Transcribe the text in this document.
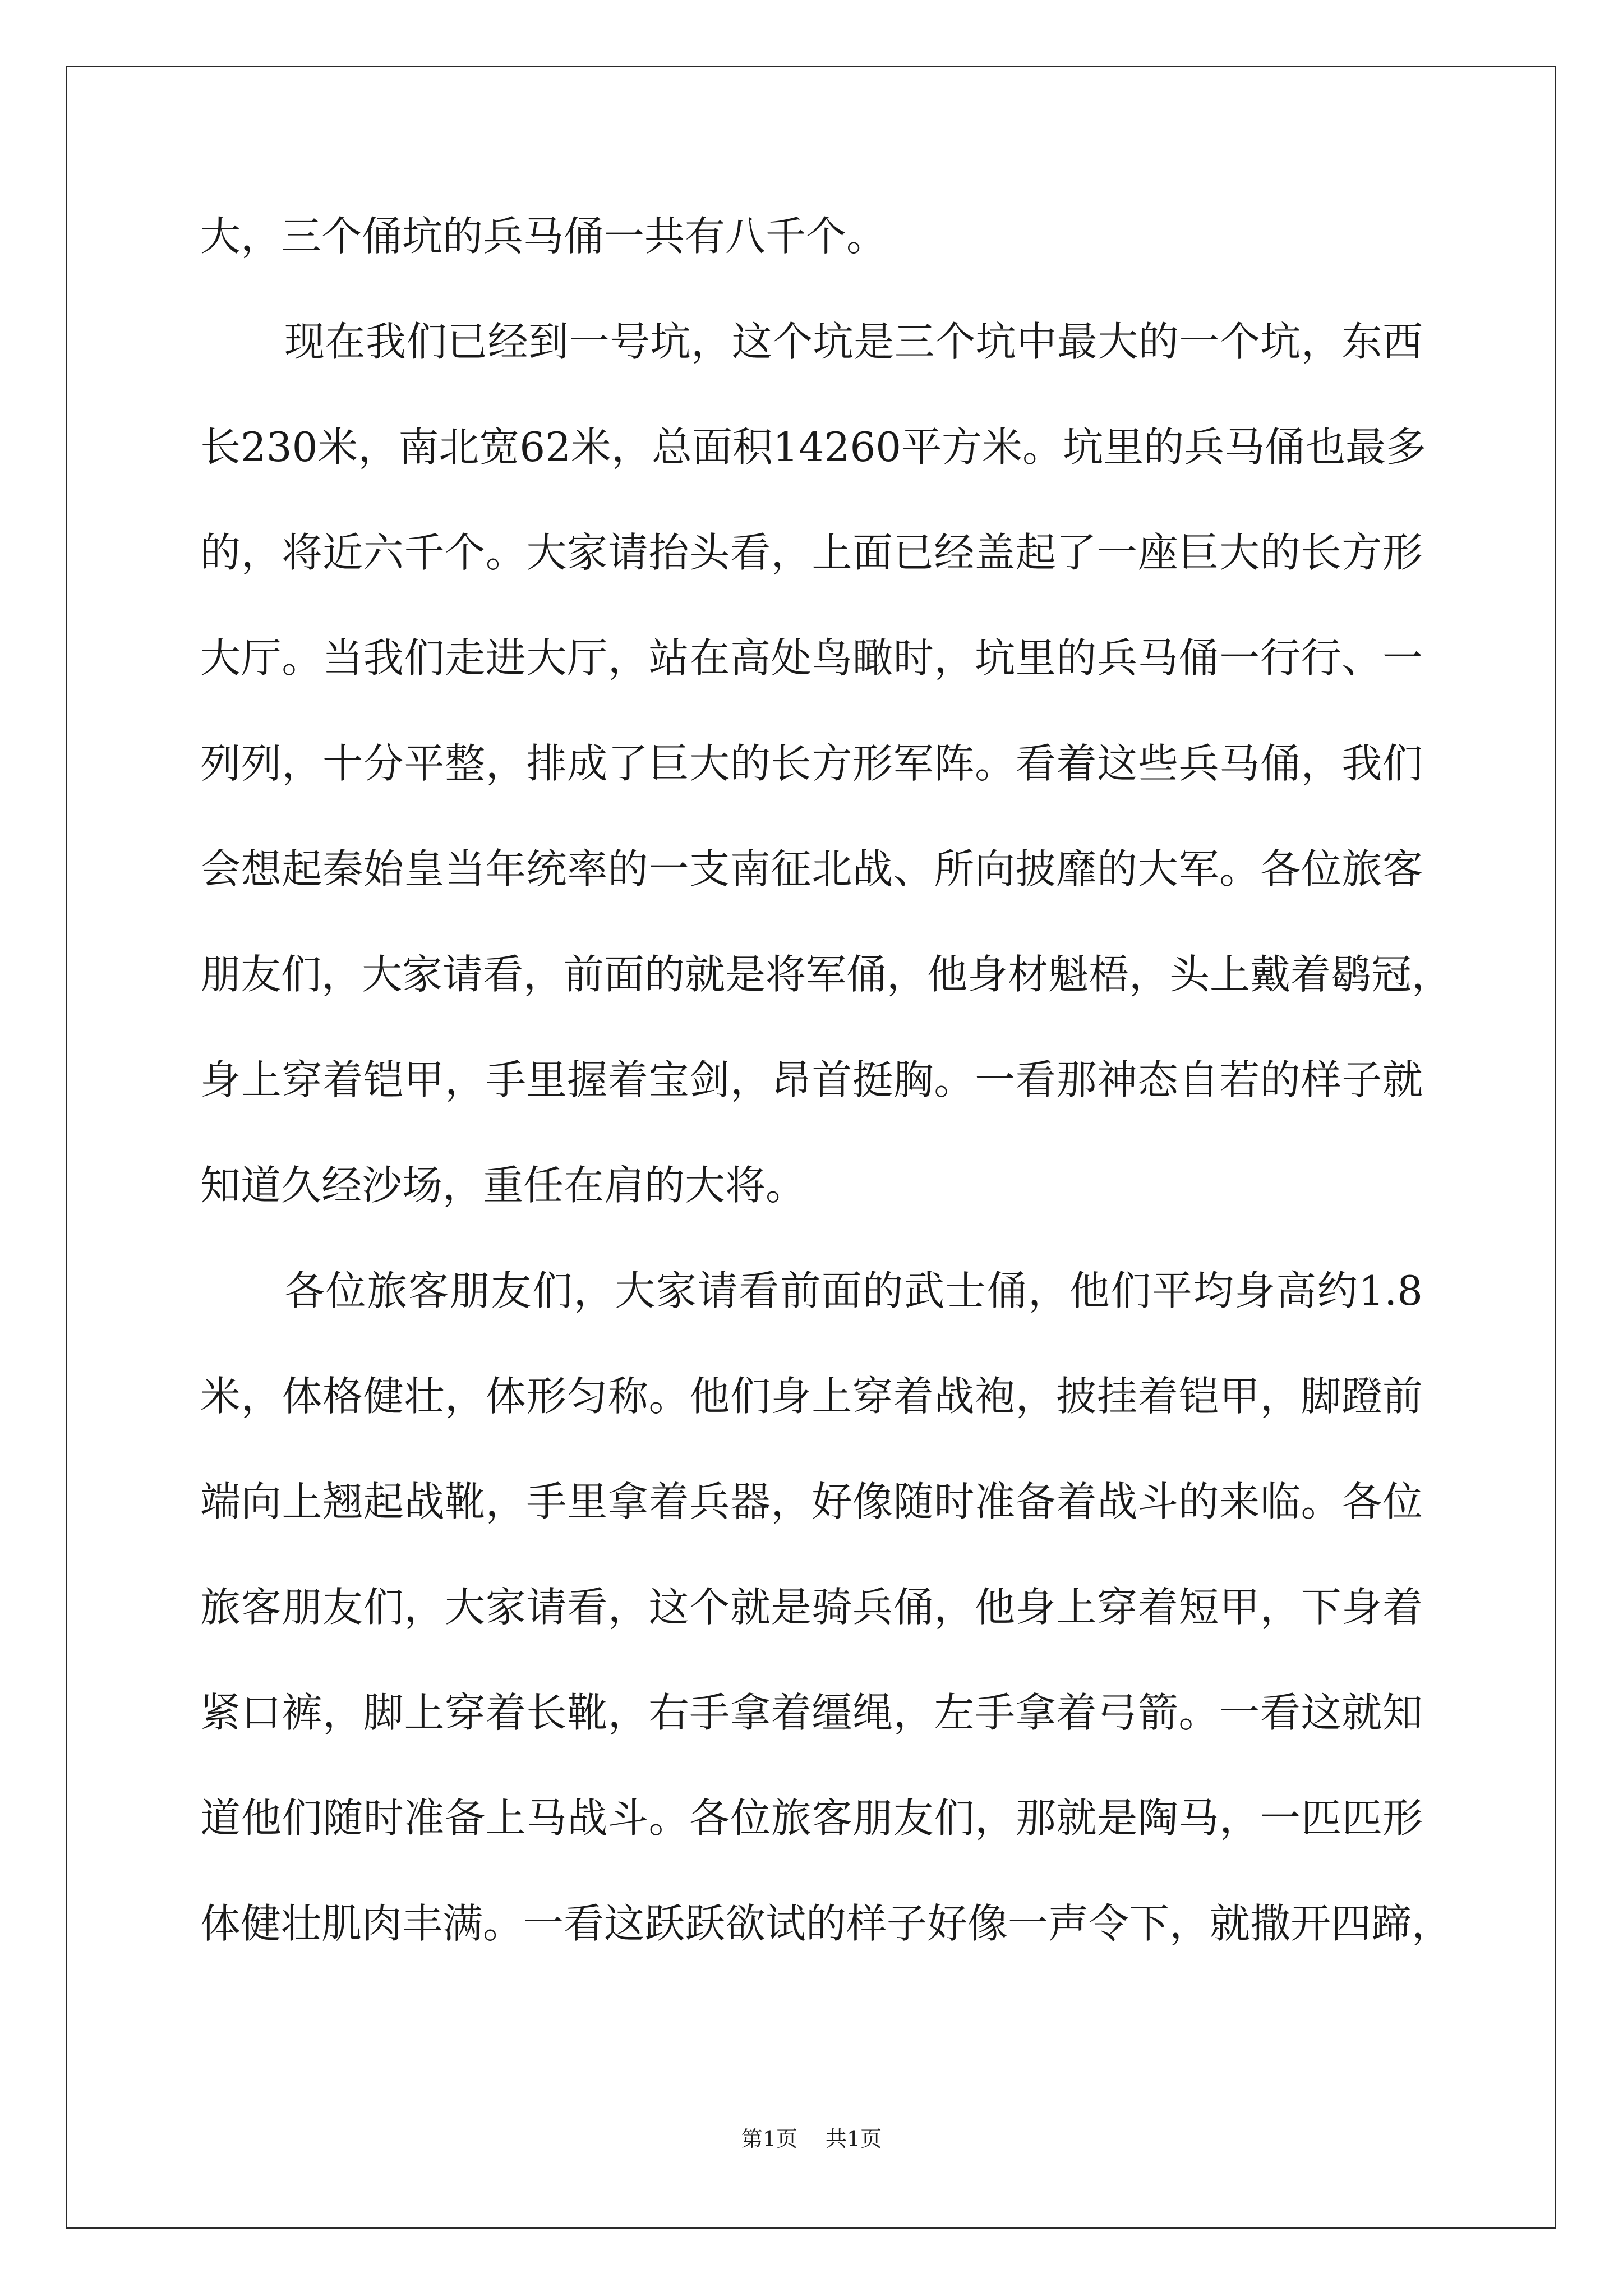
大，三个俑坑的兵马俑一共有八千个。
现在我们已经到一号坑，这个坑是三个坑中最大的一个坑，东西
长230米，南北宽62米，总面积14260平方米。坑里的兵马俑也最多
的，将近六千个。大家请抬头看，上面已经盖起了一座巨大的长方形
大厅。当我们走进大厅，站在高处鸟瞰时，坑里的兵马俑一行行、一
列列，十分平整，排成了巨大的长方形军阵。看着这些兵马俑，我们
会想起秦始皇当年统率的一支南征北战、所向披靡的大军。各位旅客
朋友们，大家请看，前面的就是将军俑，他身材魁梧，头上戴着鹖冠，
身上穿着铠甲，手里握着宝剑，昂首挺胸。一看那神态自若的样子就
知道久经沙场，重任在肩的大将。
各位旅客朋友们，大家请看前面的武士俑，他们平均身高约1.8
米，体格健壮，体形匀称。他们身上穿着战袍，披挂着铠甲，脚蹬前
端向上翘起战靴，手里拿着兵器，好像随时准备着战斗的来临。各位
旅客朋友们，大家请看，这个就是骑兵俑，他身上穿着短甲，下身着
紧口裤，脚上穿着长靴，右手拿着缰绳，左手拿着弓箭。一看这就知
道他们随时准备上马战斗。各位旅客朋友们，那就是陶马，一匹匹形
体健壮肌肉丰满。一看这跃跃欲试的样子好像一声令下，就撒开四蹄，
第1页 共1页
